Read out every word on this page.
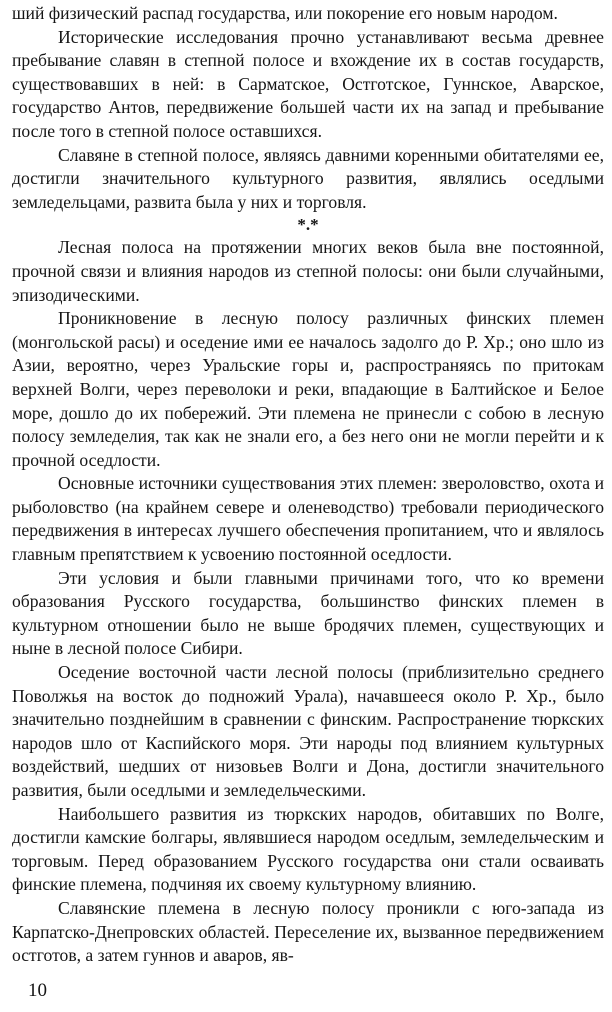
ший физический распад государства, или покорение его новым народом.

Исторические исследования прочно устанавливают весьма древнее пребывание славян в степной полосе и вхождение их в состав государств, существовавших в ней: в Сарматское, Остготское, Гуннское, Аварское, государство Антов, передвижение большей части их на запад и пребывание после того в степной полосе оставшихся.

Славяне в степной полосе, являясь давними коренными обитателями ее, достигли значительного культурного развития, являлись оседлыми земледельцами, развита была у них и торговля.

*.*

Лесная полоса на протяжении многих веков была вне постоянной, прочной связи и влияния народов из степной полосы: они были случайными, эпизодическими.

Проникновение в лесную полосу различных финских племен (монгольской расы) и оседение ими ее началось задолго до Р. Хр.; оно шло из Азии, вероятно, через Уральские горы и, распространяясь по притокам верхней Волги, через переволоки и реки, впадающие в Балтийское и Белое море, дошло до их побережий. Эти племена не принесли с собою в лесную полосу земледелия, так как не знали его, а без него они не могли перейти и к прочной оседлости.

Основные источники существования этих племен: звероловство, охота и рыболовство (на крайнем севере и оленеводство) требовали периодического передвижения в интересах лучшего обеспечения пропитанием, что и являлось главным препятствием к усвоению постоянной оседлости.

Эти условия и были главными причинами того, что ко времени образования Русского государства, большинство финских племен в культурном отношении было не выше бродячих племен, существующих и ныне в лесной полосе Сибири.

Оседение восточной части лесной полосы (приблизительно среднего Поволжья на восток до подножий Урала), начавшееся около Р. Хр., было значительно позднейшим в сравнении с финским. Распространение тюркских народов шло от Каспийского моря. Эти народы под влиянием культурных воздействий, шедших от низовьев Волги и Дона, достигли значительного развития, были оседлыми и земледельческими.

Наибольшего развития из тюркских народов, обитавших по Волге, достигли камские болгары, являвшиеся народом оседлым, земледельческим и торговым. Перед образованием Русского государства они стали осваивать финские племена, подчиняя их своему культурному влиянию.

Славянские племена в лесную полосу проникли с юго-запада из Карпатско-Днепровских областей. Переселение их, вызванное передвижением остготов, а затем гуннов и аваров, яв-

10
